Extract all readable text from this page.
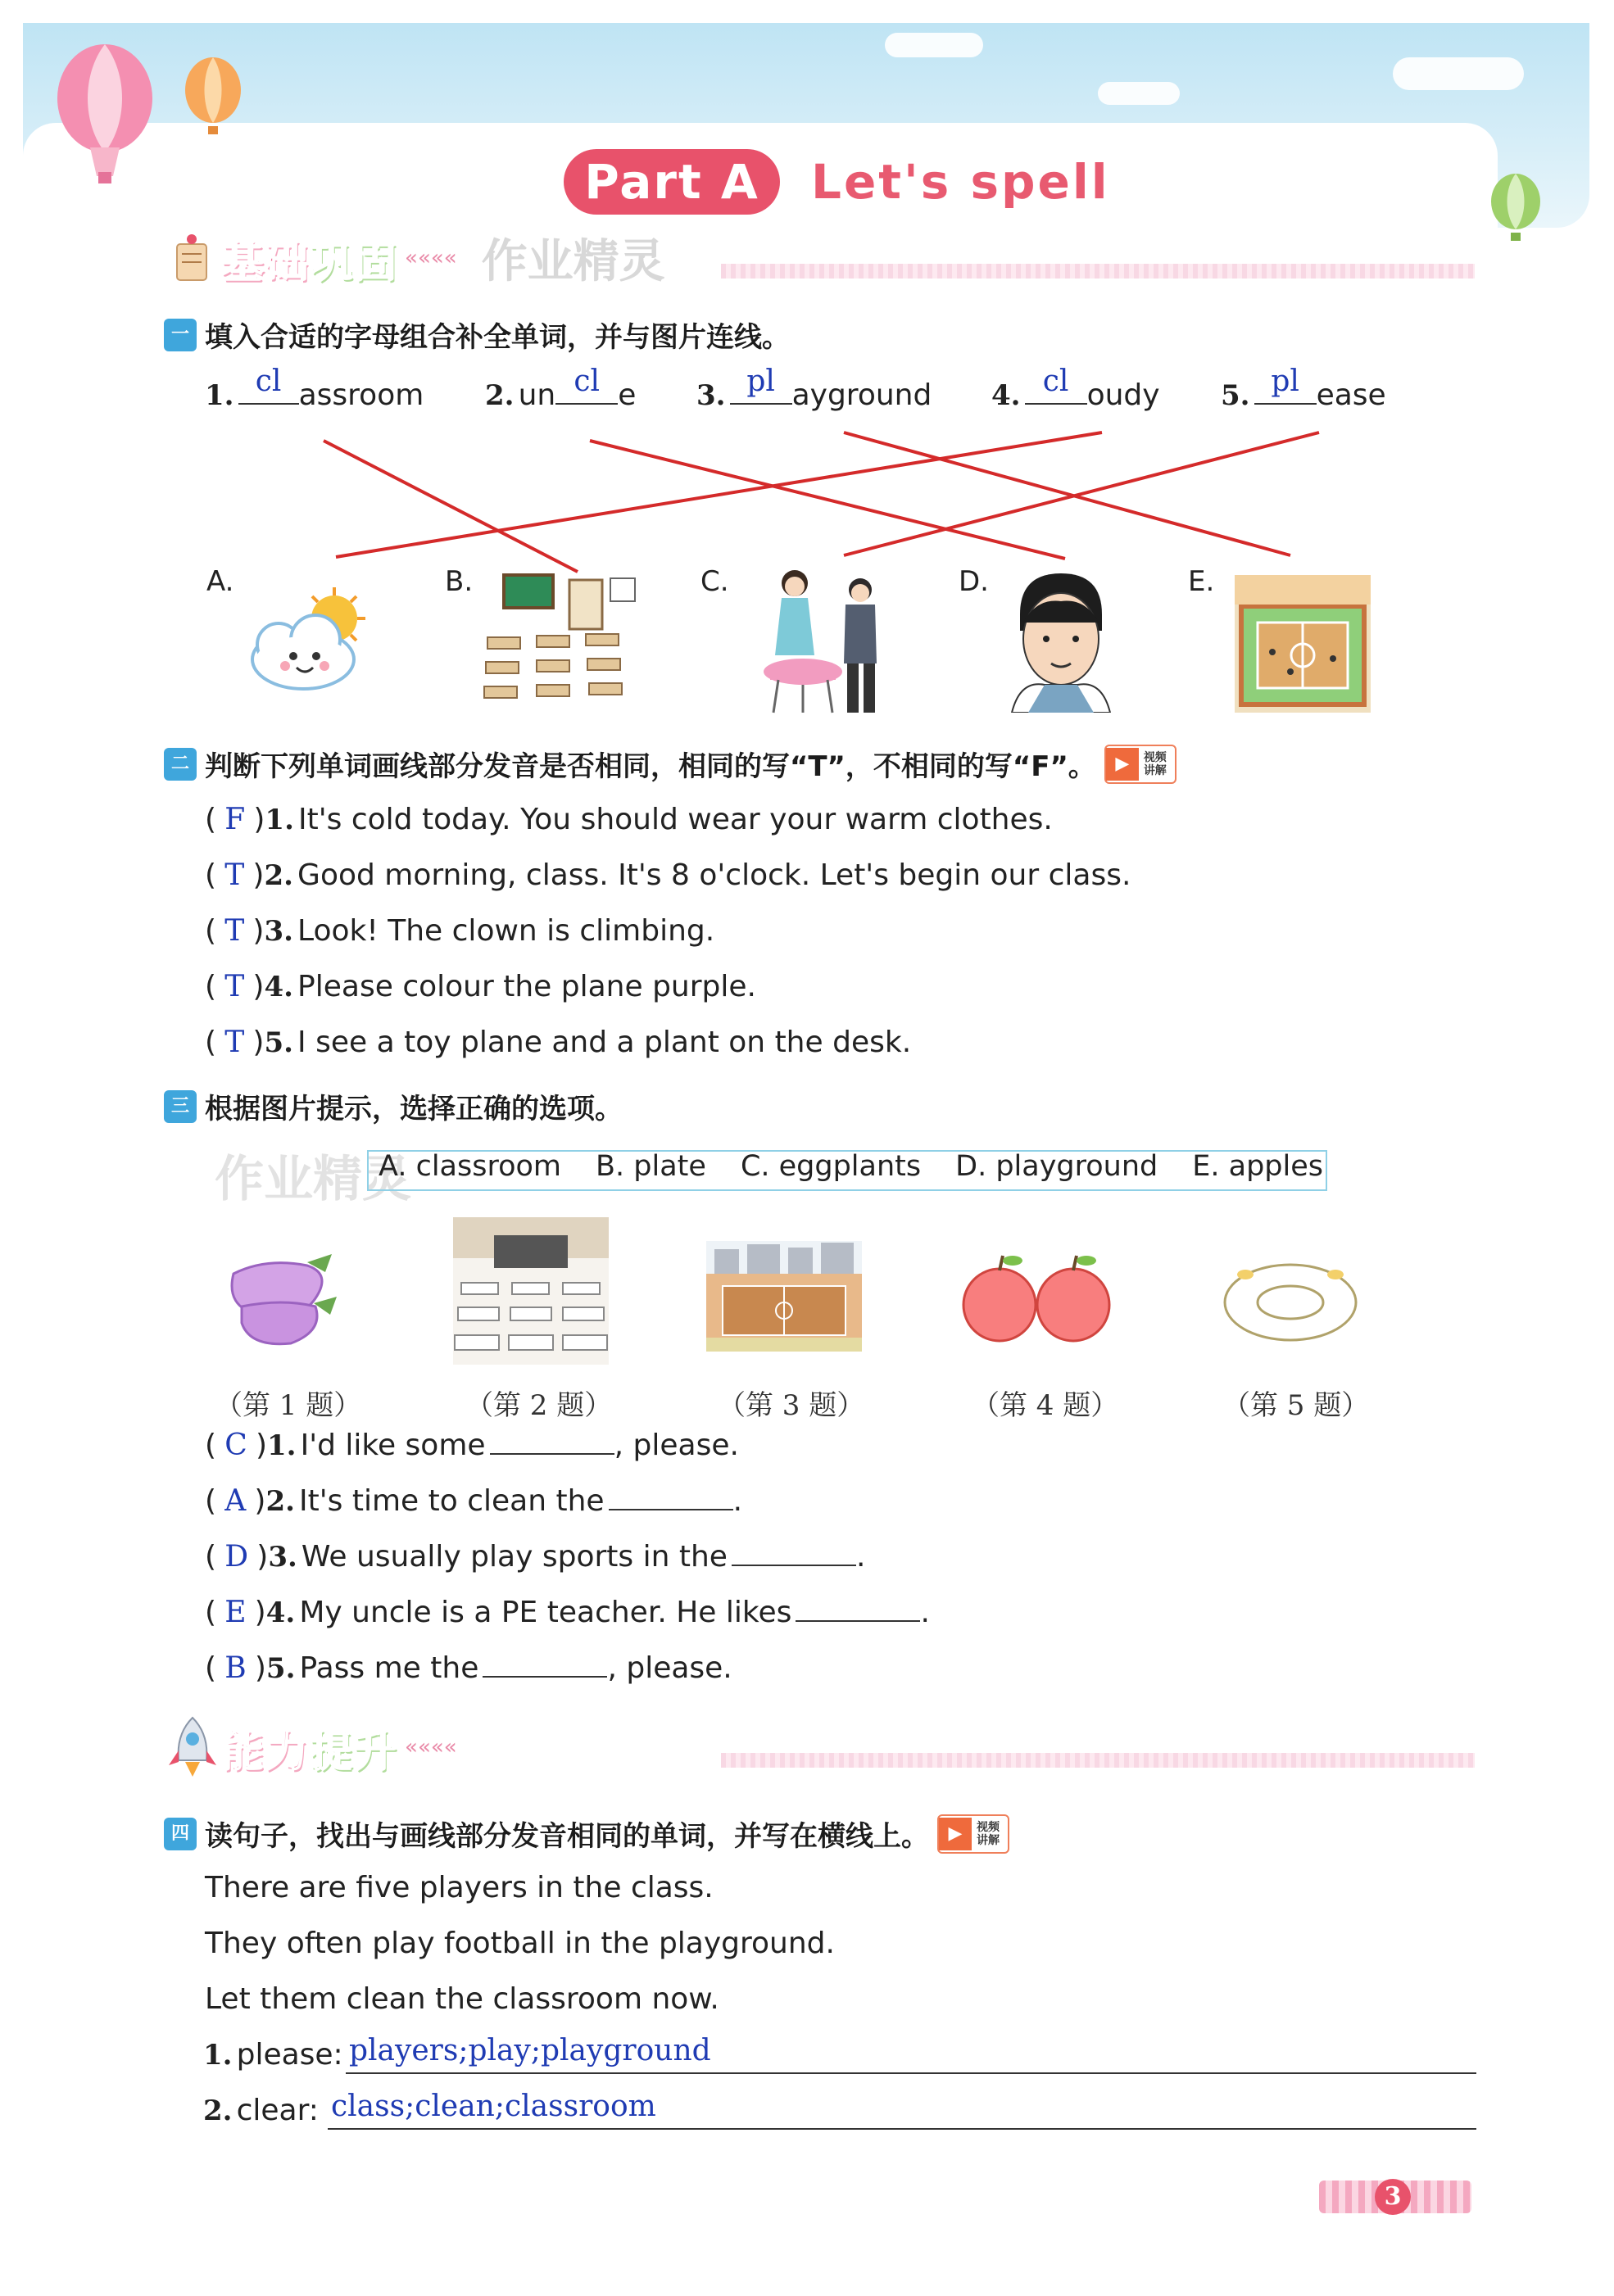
Part A	Let's spell
基础巩固 «««« 作业精灵
一 填入合适的字母组合补全单词，并与图片连线。
1. cl assroom 2. un cl e 3. pl ayground 4. cl oudy 5. pl ease
A.	B.	C.	D.	E.
二 判断下列单词画线部分发音是否相同，相同的写“T”，不相同的写“F”。	▶	视频讲解
( F )1. It's cold today. You should wear your warm clothes.
( T )2. Good morning, class. It's 8 o'clock. Let's begin our class.
( T )3. Look! The clown is climbing.
( T )4. Please colour the plane purple.
( T )5. I see a toy plane and a plant on the desk.
三 根据图片提示，选择正确的选项。
作业精灵
A. classroom B. plate C. eggplants D. playground E. apples
（第 1 题）	（第 2 题）	（第 3 题）	（第 4 题）	（第 5 题）
( C )1. I'd like some	, please.
( A )2. It's time to clean the	.
( D )3. We usually play sports in the	.
( E )4. My uncle is a PE teacher. He likes	.
( B )5. Pass me the	, please.
能力提升 ««««
四 读句子，找出与画线部分发音相同的单词，并写在横线上。	▶	视频讲解
There are five players in the class.
They often play football in the playground.
Let them clean the classroom now.
1. please: players;play;playground
2. clear: class;clean;classroom
3
